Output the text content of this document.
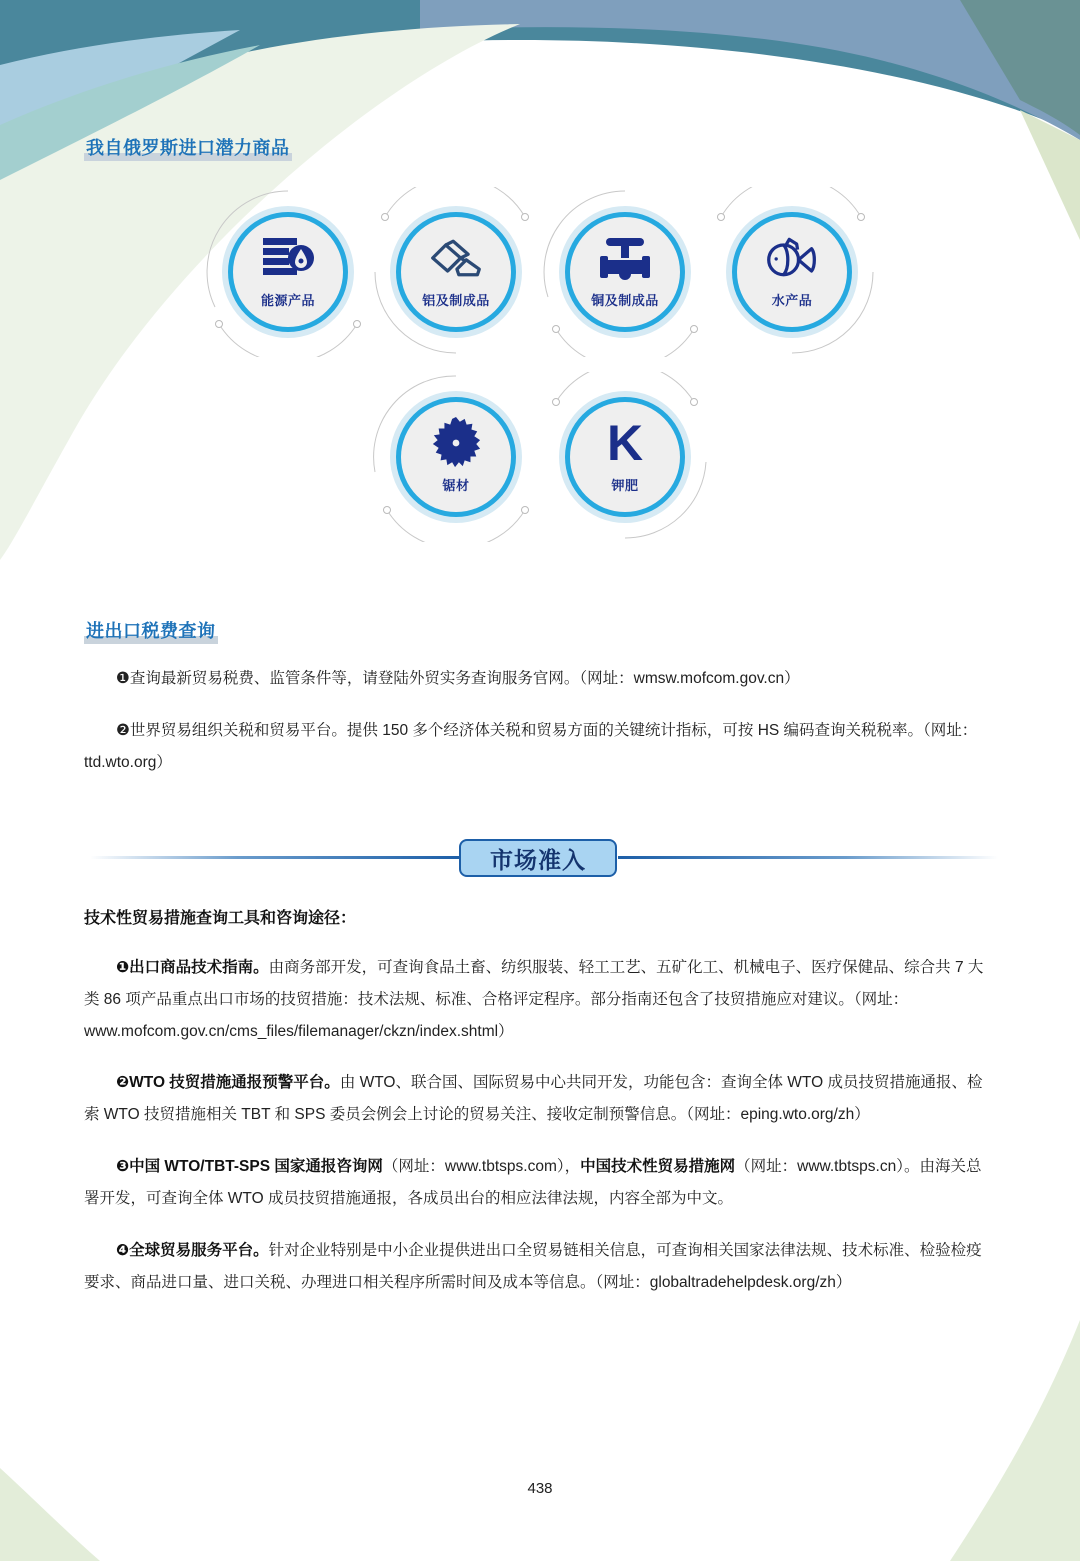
我自俄罗斯进口潜力商品
能源产品	铝及制成品	铜及制成品	水产品
锯材
K
钾肥
进出口税费查询
❶查询最新贸易税费、监管条件等，请登陆外贸实务查询服务官网。（网址：wmsw.mofcom.gov.cn）
❷世界贸易组织关税和贸易平台。提供 150 多个经济体关税和贸易方面的关键统计指标，可按 HS 编码查询关税税率。（网址：ttd.wto.org）
市场准入
技术性贸易措施查询工具和咨询途径：
❶出口商品技术指南。由商务部开发，可查询食品土畜、纺织服装、轻工工艺、五矿化工、机械电子、医疗保健品、综合共 7 大类 86 项产品重点出口市场的技贸措施：技术法规、标准、合格评定程序。部分指南还包含了技贸措施应对建议。（网址：www.mofcom.gov.cn/cms_files/filemanager/ckzn/index.shtml）
❷WTO 技贸措施通报预警平台。由 WTO、联合国、国际贸易中心共同开发，功能包含：查询全体 WTO 成员技贸措施通报、检索 WTO 技贸措施相关 TBT 和 SPS 委员会例会上讨论的贸易关注、接收定制预警信息。（网址：eping.wto.org/zh）
❸中国 WTO/TBT-SPS 国家通报咨询网（网址：www.tbtsps.com），中国技术性贸易措施网（网址：www.tbtsps.cn）。由海关总署开发，可查询全体 WTO 成员技贸措施通报，各成员出台的相应法律法规，内容全部为中文。
❹全球贸易服务平台。针对企业特别是中小企业提供进出口全贸易链相关信息，可查询相关国家法律法规、技术标准、检验检疫要求、商品进口量、进口关税、办理进口相关程序所需时间及成本等信息。（网址：globaltradehelpdesk.org/zh）
438
